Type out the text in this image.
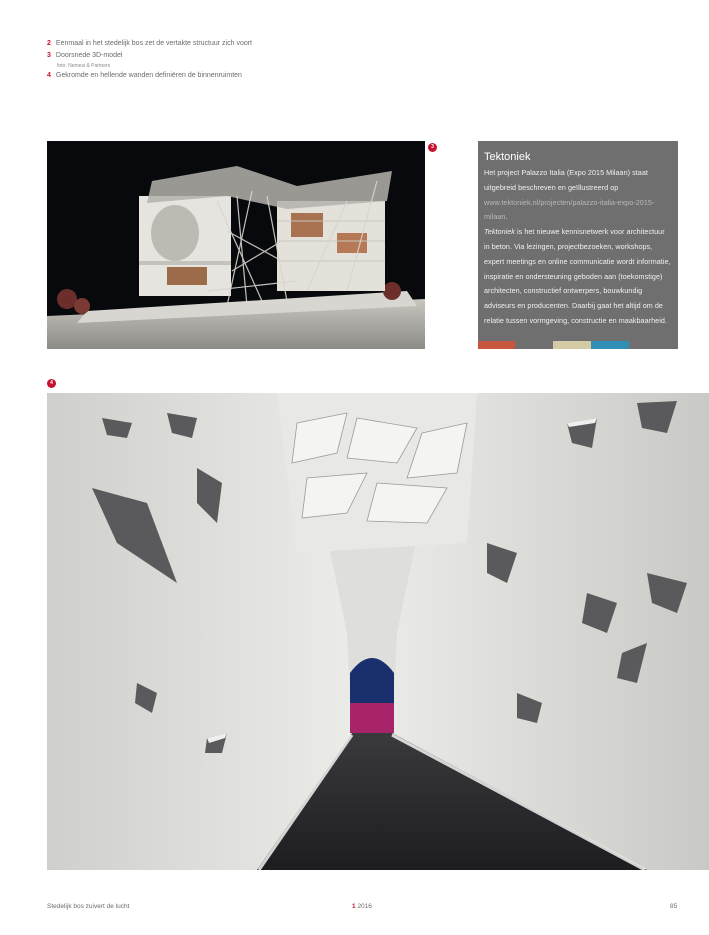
2 Eenmaal in het stedelijk bos zet de vertakte structuur zich voort
3 Doorsnede 3D-model
foto: Nemesi & Partners
4 Gekromde en hellende wanden definiëren de binnenruimten
3
Tektoniek
Het project Palazzo Italia (Expo 2015 Milaan) staat uitgebreid beschreven en geïllustreerd op www.tektoniek.nl/projecten/palazzo-italia-expo-2015-milaan.
Tektoniek is het nieuwe kennisnetwerk voor architectuur in beton. Via lezingen, projectbezoeken, workshops, expert meetings en online communicatie wordt informatie, inspiratie en ondersteuning geboden aan (toekomstige) architecten, constructief ontwerpers, bouwkundig adviseurs en producenten. Daarbij gaat het altijd om de relatie tussen vormgeving, constructie en maakbaarheid.
4
Stedelijk bos zuivert de lucht	1 2016	85
